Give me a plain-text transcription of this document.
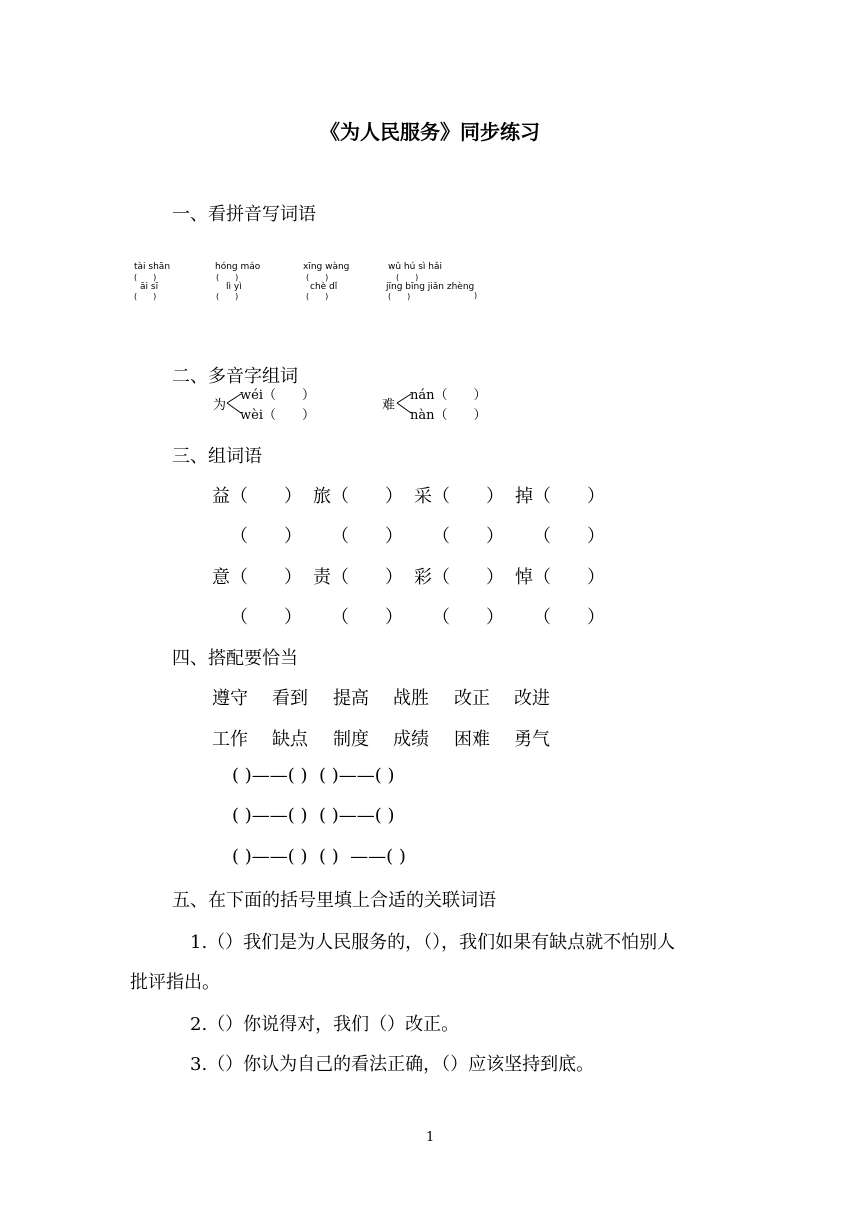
《为人民服务》同步练习
一、看拼音写词语
tài shān	hóng máo	xīng wàng	wǔ hú sì hǎi
(　　)	(　　)	(　　)	(　　)
āi sī	lì yì	chè dǐ	jīng bīng jiǎn zhèng
(　　)	(　　)	(　　)	(　　)	)
二、多音字组词
为
wéi（　　）
wèi（　　）
难
nán（　　）
nàn（　　）
三、组词语
益（　　） 旅（　　） 采（　　） 掉（　　）
（　　） （　　） （　　） （　　）
意（　　） 责（　　） 彩（　　） 悼（　　）
（　　） （　　） （　　） （　　）
四、搭配要恰当
遵守 看到 提高 战胜 改正 改进
工作 缺点 制度 成绩 困难 勇气
( )——( )  ( )——( )
( )——( )  ( )——( )
( )——( )  ( )  ——( )
五、在下面的括号里填上合适的关联词语
1.（）我们是为人民服务的，（），我们如果有缺点就不怕别人
批评指出。
2.（）你说得对，我们（）改正。
3.（）你认为自己的看法正确，（）应该坚持到底。
1
